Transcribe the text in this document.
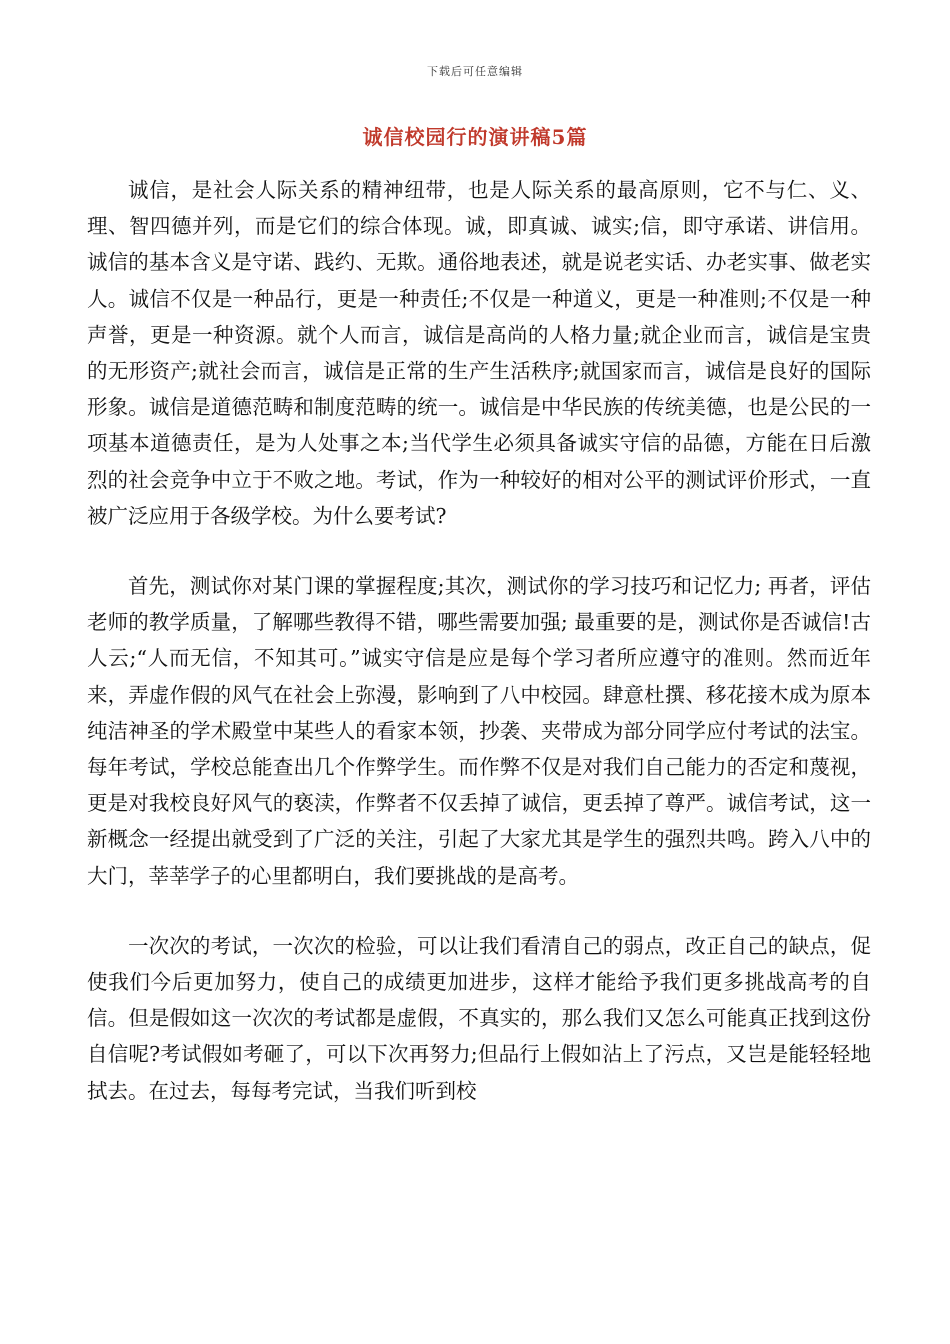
下载后可任意编辑
诚信校园行的演讲稿5篇

诚信，是社会人际关系的精神纽带，也是人际关系的最高原则，它不与仁、义、理、智四德并列，而是它们的综合体现。诚，即真诚、诚实;信，即守承诺、讲信用。诚信的基本含义是守诺、践约、无欺。通俗地表述，就是说老实话、办老实事、做老实人。诚信不仅是一种品行，更是一种责任;不仅是一种道义，更是一种准则;不仅是一种声誉，更是一种资源。就个人而言，诚信是高尚的人格力量;就企业而言，诚信是宝贵的无形资产;就社会而言，诚信是正常的生产生活秩序;就国家而言，诚信是良好的国际形象。诚信是道德范畴和制度范畴的统一。诚信是中华民族的传统美德，也是公民的一项基本道德责任，是为人处事之本;当代学生必须具备诚实守信的品德，方能在日后激烈的社会竞争中立于不败之地。考试，作为一种较好的相对公平的测试评价形式，一直被广泛应用于各级学校。为什么要考试?

首先，测试你对某门课的掌握程度;其次，测试你的学习技巧和记忆力; 再者，评估老师的教学质量，了解哪些教得不错，哪些需要加强; 最重要的是，测试你是否诚信!古人云;“人而无信，不知其可。”诚实守信是应是每个学习者所应遵守的准则。然而近年来，弄虚作假的风气在社会上弥漫，影响到了八中校园。肆意杜撰、移花接木成为原本纯洁神圣的学术殿堂中某些人的看家本领，抄袭、夹带成为部分同学应付考试的法宝。每年考试，学校总能查出几个作弊学生。而作弊不仅是对我们自己能力的否定和蔑视，更是对我校良好风气的亵渎，作弊者不仅丢掉了诚信，更丢掉了尊严。诚信考试，这一新概念一经提出就受到了广泛的关注，引起了大家尤其是学生的强烈共鸣。跨入八中的大门，莘莘学子的心里都明白，我们要挑战的是高考。

一次次的考试，一次次的检验，可以让我们看清自己的弱点，改正自己的缺点，促使我们今后更加努力，使自己的成绩更加进步，这样才能给予我们更多挑战高考的自信。但是假如这一次次的考试都是虚假，不真实的，那么我们又怎么可能真正找到这份自信呢?考试假如考砸了，可以下次再努力;但品行上假如沾上了污点，又岂是能轻轻地拭去。在过去，每每考完试，当我们听到校
